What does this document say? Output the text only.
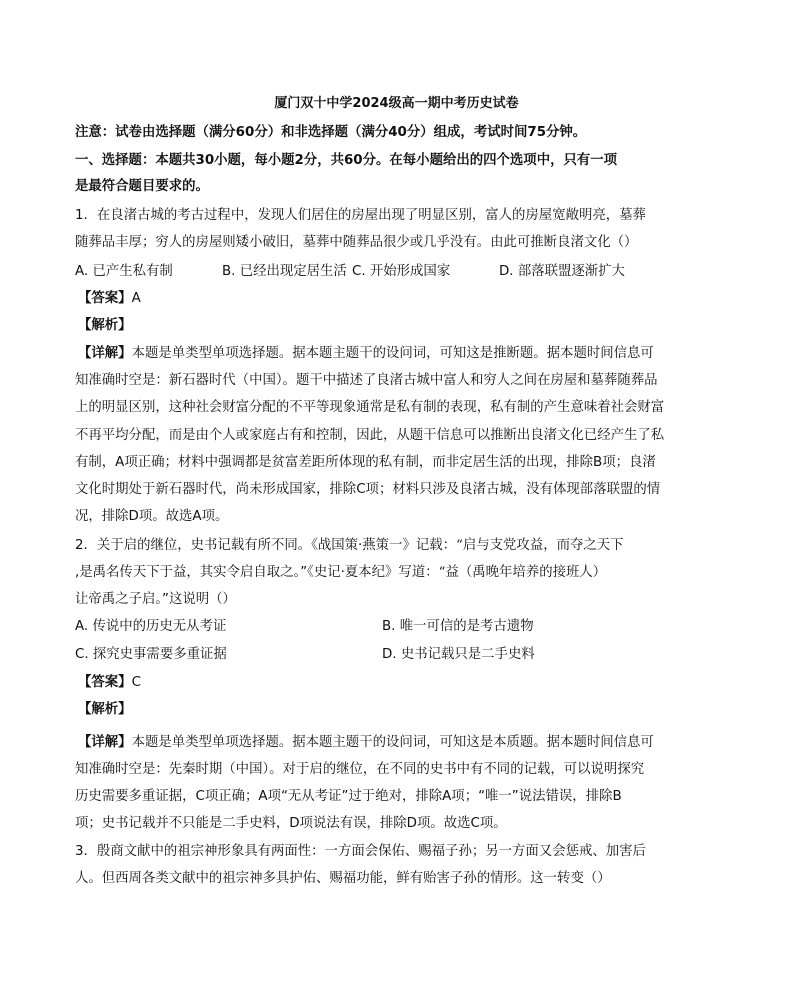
厦门双十中学2024级高一期中考历史试卷
注意：试卷由选择题（满分60分）和非选择题（满分40分）组成，考试时间75分钟。
一、选择题：本题共30小题，每小题2分，共60分。在每小题给出的四个选项中，只有一项
是最符合题目要求的。
1．在良渚古城的考古过程中，发现人们居住的房屋出现了明显区别，富人的房屋宽敞明亮，墓葬
随葬品丰厚；穷人的房屋则矮小破旧，墓葬中随葬品很少或几乎没有。由此可推断良渚文化（）
A. 已产生私有制	B. 已经出现定居生活 C. 开始形成国家	D. 部落联盟逐渐扩大
【答案】A
【解析】
【详解】本题是单类型单项选择题。据本题主题干的设问词，可知这是推断题。据本题时间信息可
知准确时空是：新石器时代（中国）。题干中描述了良渚古城中富人和穷人之间在房屋和墓葬随葬品
上的明显区别，这种社会财富分配的不平等现象通常是私有制的表现，私有制的产生意味着社会财富
不再平均分配，而是由个人或家庭占有和控制，因此，从题干信息可以推断出良渚文化已经产生了私
有制，A项正确；材料中强调都是贫富差距所体现的私有制，而非定居生活的出现，排除B项；良渚
文化时期处于新石器时代，尚未形成国家，排除C项；材料只涉及良渚古城，没有体现部落联盟的情
况，排除D项。故选A项。
2．关于启的继位，史书记载有所不同。《战国策·燕策一》记载：“启与支党攻益，而夺之天下
,是禹名传天下于益，其实令启自取之。”《史记·夏本纪》写道：“益（禹晚年培养的接班人）
让帝禹之子启。”这说明（）
A. 传说中的历史无从考证	B. 唯一可信的是考古遗物
C. 探究史事需要多重证据	D. 史书记载只是二手史料
【答案】C
【解析】
【详解】本题是单类型单项选择题。据本题主题干的设问词，可知这是本质题。据本题时间信息可
知准确时空是：先秦时期（中国）。对于启的继位，在不同的史书中有不同的记载，可以说明探究
历史需要多重证据，C项正确；A项“无从考证”过于绝对，排除A项；“唯一”说法错误，排除B
项；史书记载并不只能是二手史料，D项说法有误，排除D项。故选C项。
3．殷商文献中的祖宗神形象具有两面性：一方面会保佑、赐福子孙；另一方面又会惩戒、加害后
人。但西周各类文献中的祖宗神多具护佑、赐福功能，鲜有贻害子孙的情形。这一转变（）
